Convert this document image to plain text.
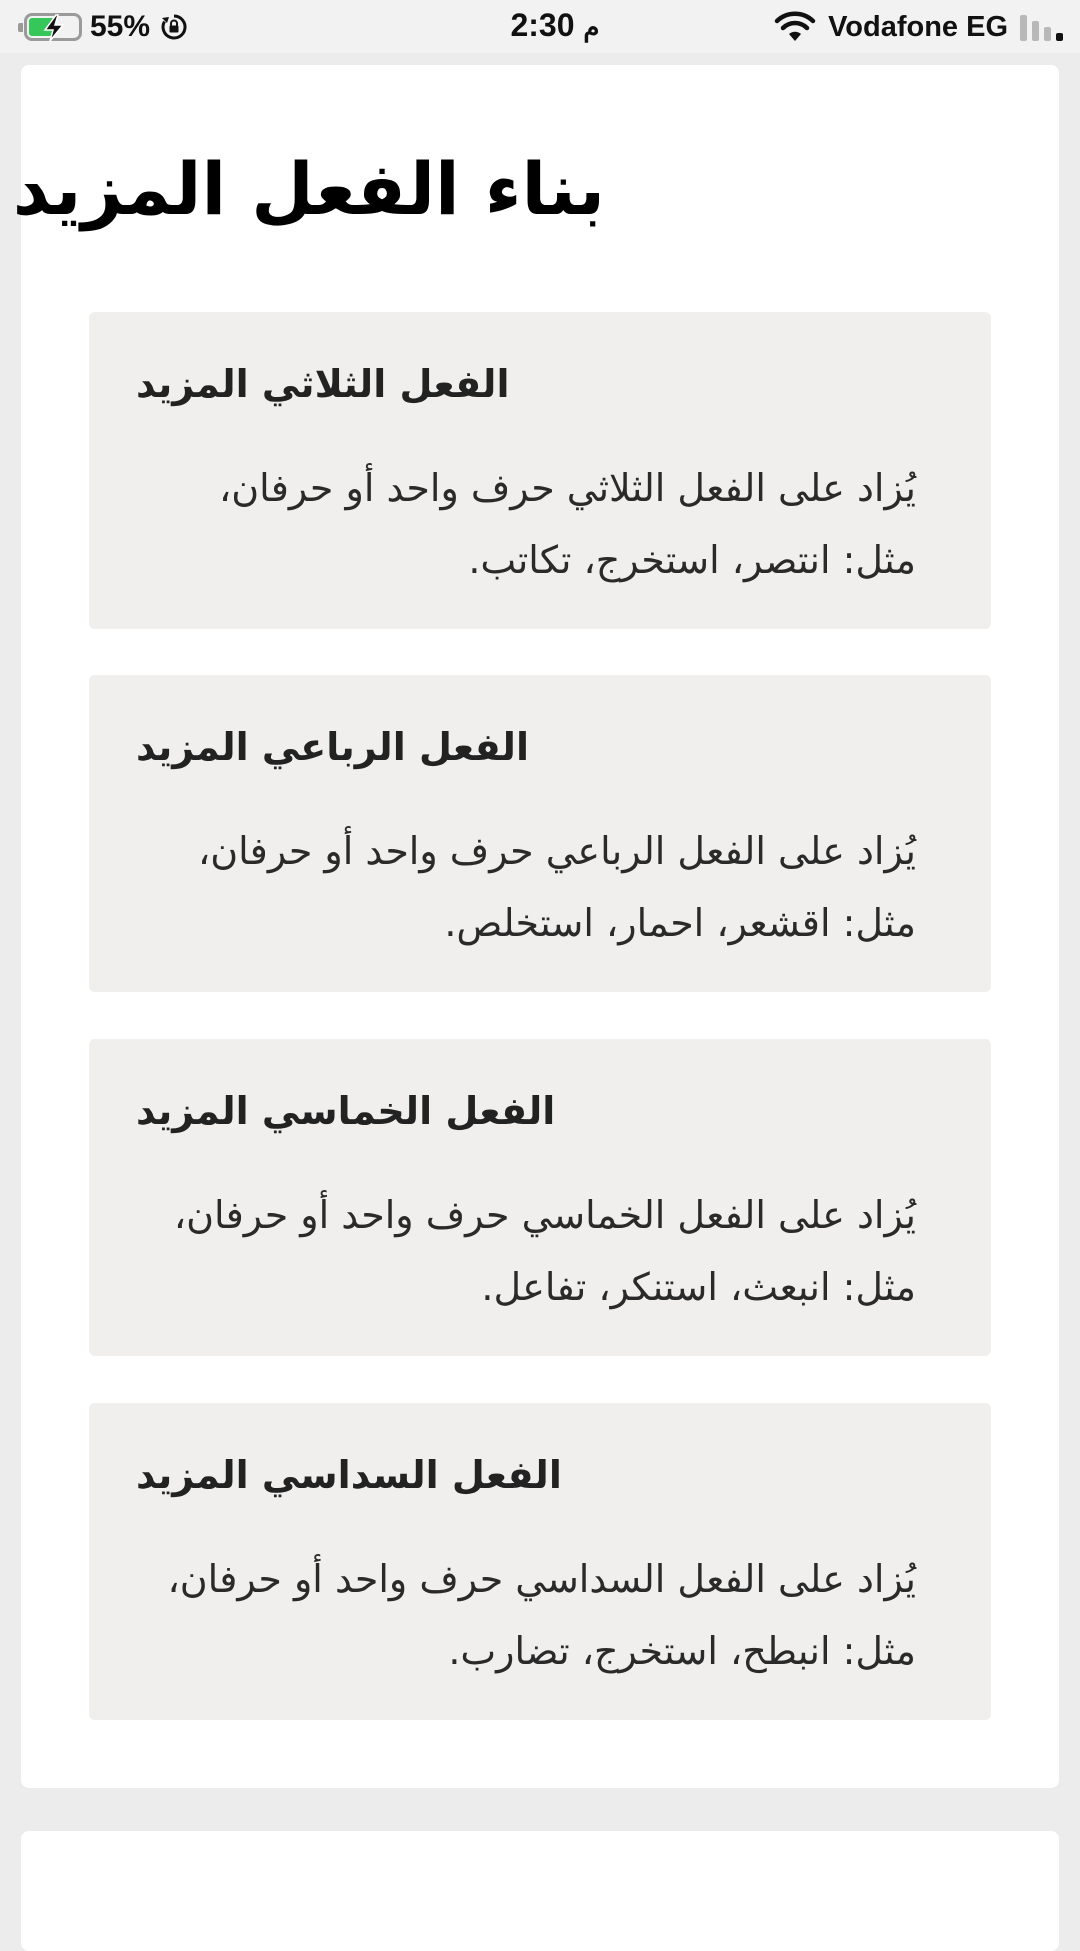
55%	م 2:30	Vodafone EG
بناء الفعل المزيد
الفعل الثلاثي المزيد

يُزاد على الفعل الثلاثي حرف واحد أو حرفان، مثل: انتصر، استخرج، تكاتب.

الفعل الرباعي المزيد

يُزاد على الفعل الرباعي حرف واحد أو حرفان، مثل: اقشعر، احمار، استخلص.

الفعل الخماسي المزيد

يُزاد على الفعل الخماسي حرف واحد أو حرفان، مثل: انبعث، استنكر، تفاعل.

الفعل السداسي المزيد

يُزاد على الفعل السداسي حرف واحد أو حرفان، مثل: انبطح، استخرج، تضارب.
